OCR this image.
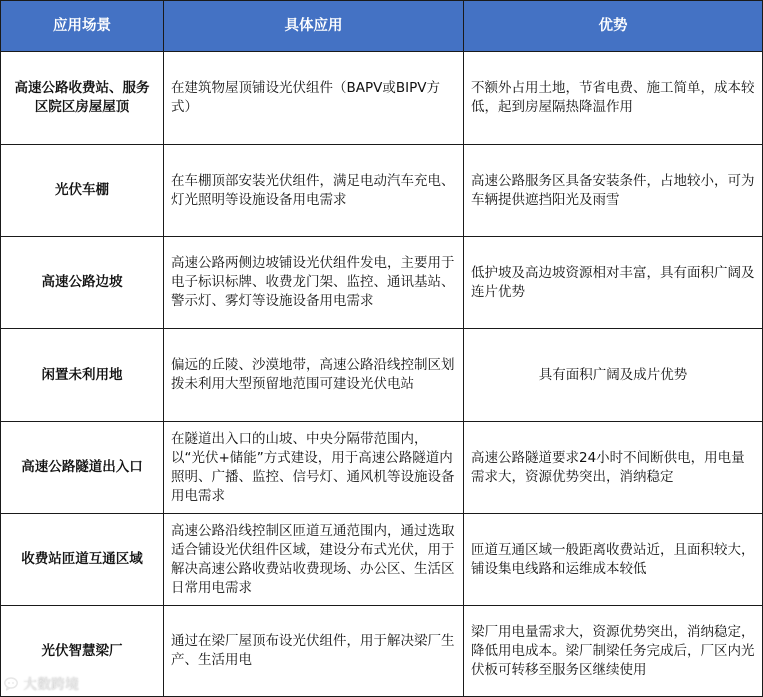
应用场景	具体应用	优势
高速公路收费站、服务区院区房屋屋顶	在建筑物屋顶铺设光伏组件（BAPV或BIPV方式）	不额外占用土地，节省电费、施工简单，成本较低，起到房屋隔热降温作用
光伏车棚	在车棚顶部安装光伏组件，满足电动汽车充电、灯光照明等设施设备用电需求	高速公路服务区具备安装条件，占地较小，可为车辆提供遮挡阳光及雨雪
高速公路边坡	高速公路两侧边坡铺设光伏组件发电，主要用于电子标识标牌、收费龙门架、监控、通讯基站、警示灯、雾灯等设施设备用电需求	低护坡及高边坡资源相对丰富，具有面积广阔及连片优势
闲置未利用地	偏远的丘陵、沙漠地带，高速公路沿线控制区划拨未利用大型预留地范围可建设光伏电站	具有面积广阔及成片优势
高速公路隧道出入口	在隧道出入口的山坡、中央分隔带范围内，以“光伏+储能”方式建设，用于高速公路隧道内照明、广播、监控、信号灯、通风机等设施设备用电需求	高速公路隧道要求24小时不间断供电，用电量需求大，资源优势突出，消纳稳定
收费站匝道互通区域	高速公路沿线控制区匝道互通范围内，通过选取适合铺设光伏组件区域，建设分布式光伏，用于解决高速公路收费站收费现场、办公区、生活区日常用电需求	匝道互通区域一般距离收费站近，且面积较大，铺设集电线路和运维成本较低
光伏智慧梁厂	通过在梁厂屋顶布设光伏组件，用于解决梁厂生产、生活用电	梁厂用电量需求大，资源优势突出，消纳稳定，降低用电成本。梁厂制梁任务完成后，厂区内光伏板可转移至服务区继续使用
大数跨境
